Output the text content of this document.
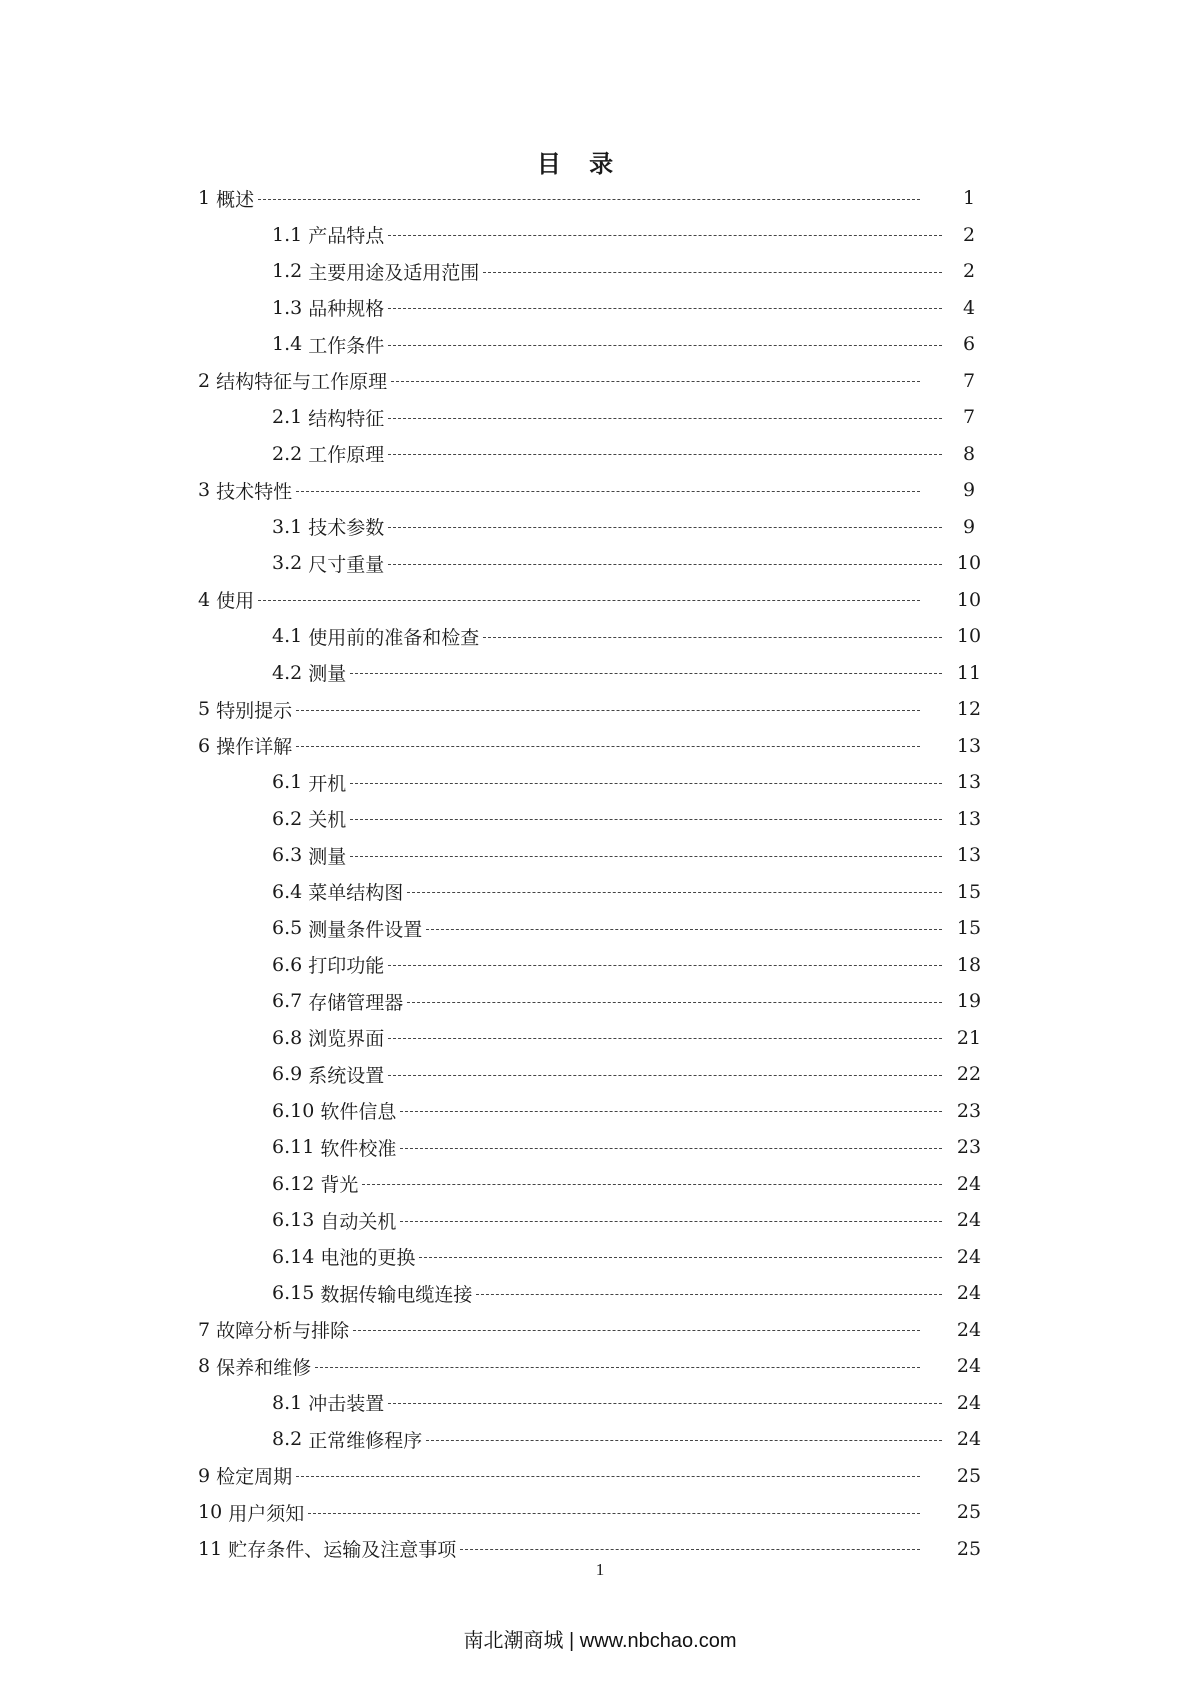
目 录
1 概述	1
1.1 产品特点	2
1.2 主要用途及适用范围	2
1.3 品种规格	4
1.4 工作条件	6
2 结构特征与工作原理	7
2.1 结构特征	7
2.2 工作原理	8
3 技术特性	9
3.1 技术参数	9
3.2 尺寸重量	10
4 使用	10
4.1 使用前的准备和检查	10
4.2 测量	11
5 特别提示	12
6 操作详解	13
6.1 开机	13
6.2 关机	13
6.3 测量	13
6.4 菜单结构图	15
6.5 测量条件设置	15
6.6 打印功能	18
6.7 存储管理器	19
6.8 浏览界面	21
6.9 系统设置	22
6.10 软件信息	23
6.11 软件校准	23
6.12 背光	24
6.13 自动关机	24
6.14 电池的更换	24
6.15 数据传输电缆连接	24
7 故障分析与排除	24
8 保养和维修	24
8.1 冲击装置	24
8.2 正常维修程序	24
9 检定周期	25
10 用户须知	25
11 贮存条件、运输及注意事项	25
1
南北潮商城 | www.nbchao.com
